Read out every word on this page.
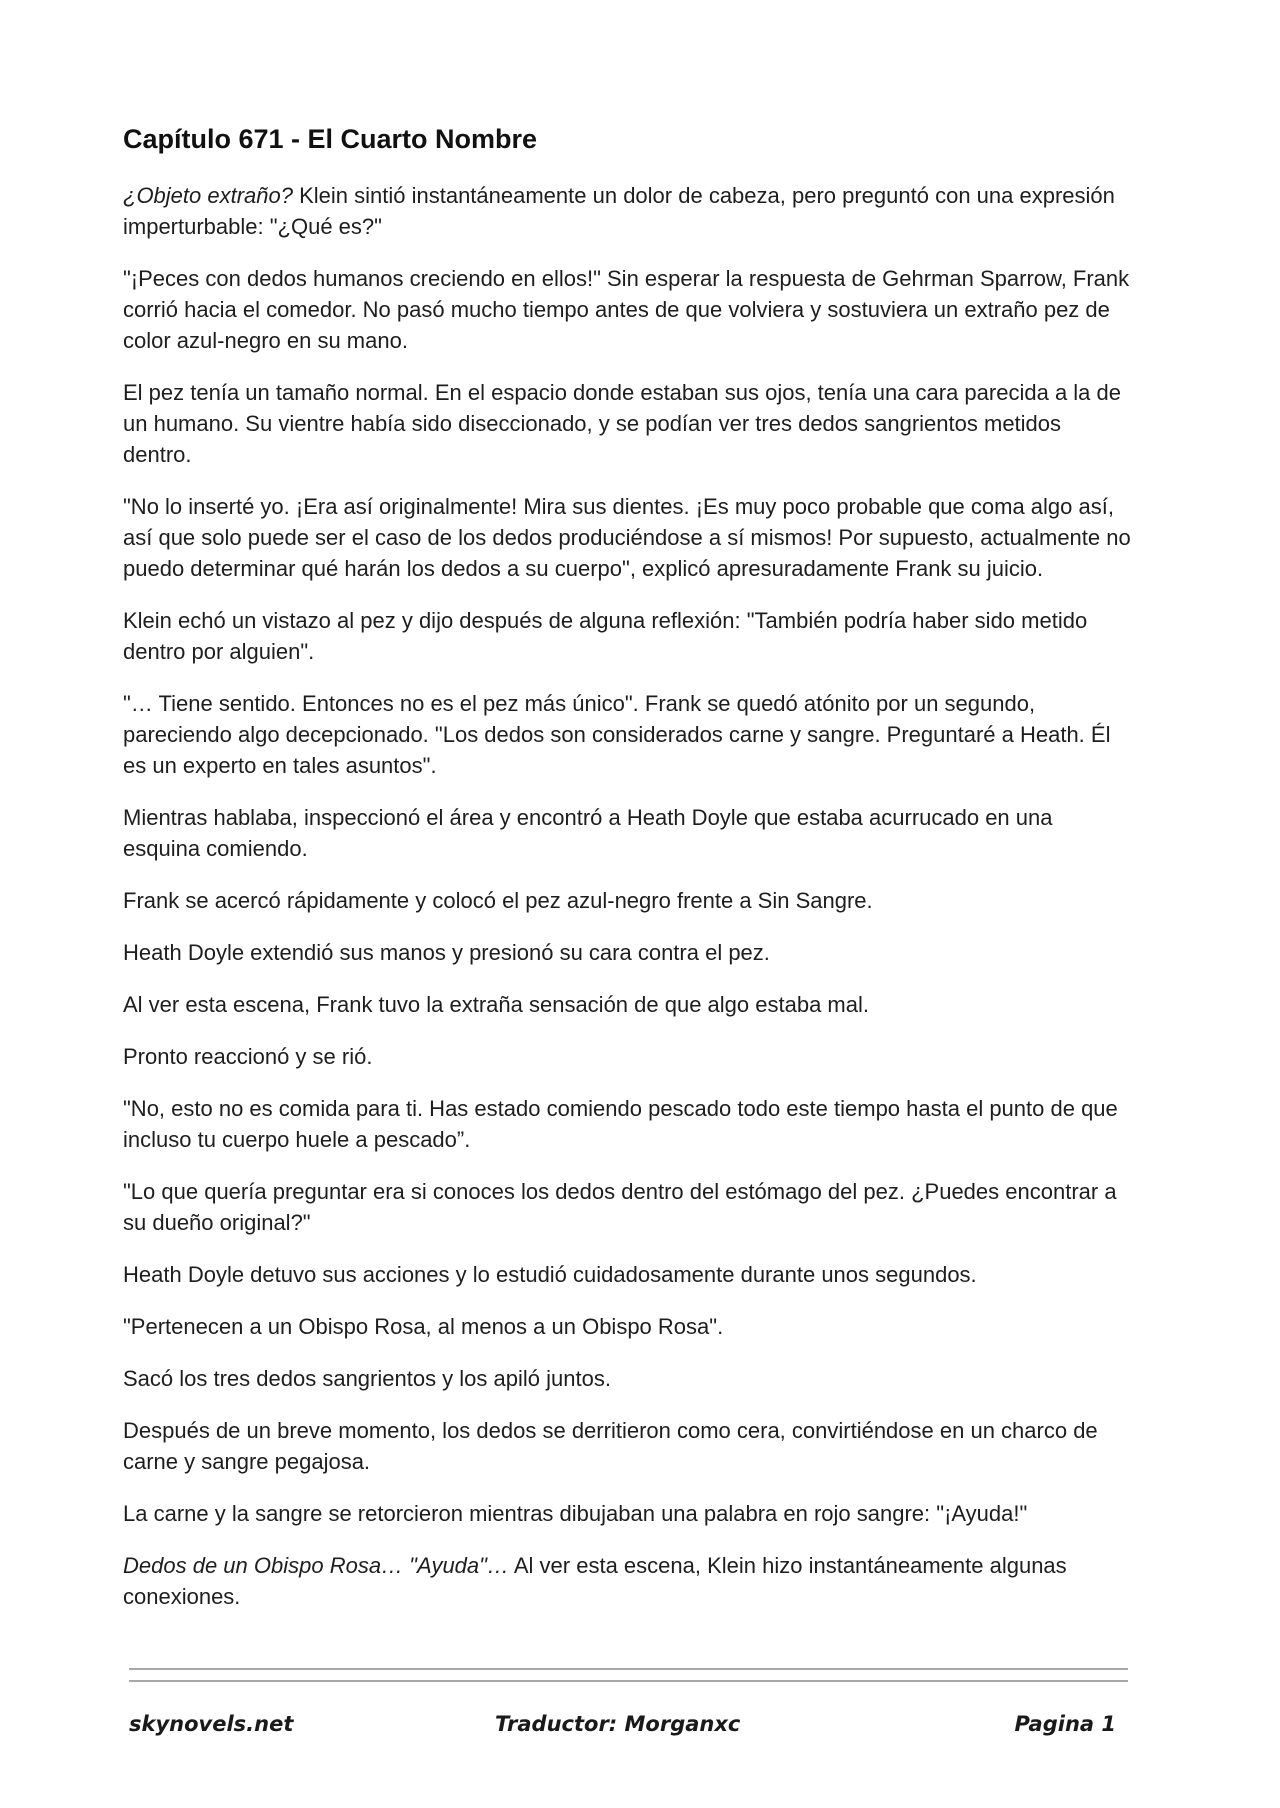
Capítulo 671 - El Cuarto Nombre

¿Objeto extraño? Klein sintió instantáneamente un dolor de cabeza, pero preguntó con una expresión imperturbable: "¿Qué es?"

"¡Peces con dedos humanos creciendo en ellos!" Sin esperar la respuesta de Gehrman Sparrow, Frank corrió hacia el comedor. No pasó mucho tiempo antes de que volviera y sostuviera un extraño pez de color azul-negro en su mano.

El pez tenía un tamaño normal. En el espacio donde estaban sus ojos, tenía una cara parecida a la de un humano. Su vientre había sido diseccionado, y se podían ver tres dedos sangrientos metidos dentro.

"No lo inserté yo. ¡Era así originalmente! Mira sus dientes. ¡Es muy poco probable que coma algo así, así que solo puede ser el caso de los dedos produciéndose a sí mismos! Por supuesto, actualmente no puedo determinar qué harán los dedos a su cuerpo", explicó apresuradamente Frank su juicio.

Klein echó un vistazo al pez y dijo después de alguna reflexión: "También podría haber sido metido dentro por alguien".

"… Tiene sentido. Entonces no es el pez más único". Frank se quedó atónito por un segundo, pareciendo algo decepcionado. "Los dedos son considerados carne y sangre. Preguntaré a Heath. Él es un experto en tales asuntos".

Mientras hablaba, inspeccionó el área y encontró a Heath Doyle que estaba acurrucado en una esquina comiendo.

Frank se acercó rápidamente y colocó el pez azul-negro frente a Sin Sangre.

Heath Doyle extendió sus manos y presionó su cara contra el pez.

Al ver esta escena, Frank tuvo la extraña sensación de que algo estaba mal.

Pronto reaccionó y se rió.

"No, esto no es comida para ti. Has estado comiendo pescado todo este tiempo hasta el punto de que incluso tu cuerpo huele a pescado”.

"Lo que quería preguntar era si conoces los dedos dentro del estómago del pez. ¿Puedes encontrar a su dueño original?"

Heath Doyle detuvo sus acciones y lo estudió cuidadosamente durante unos segundos.

"Pertenecen a un Obispo Rosa, al menos a un Obispo Rosa".

Sacó los tres dedos sangrientos y los apiló juntos.

Después de un breve momento, los dedos se derritieron como cera, convirtiéndose en un charco de carne y sangre pegajosa.

La carne y la sangre se retorcieron mientras dibujaban una palabra en rojo sangre: "¡Ayuda!"

Dedos de un Obispo Rosa… "Ayuda"… Al ver esta escena, Klein hizo instantáneamente algunas conexiones.

skynovels.net	Traductor: Morganxc	Pagina 1
